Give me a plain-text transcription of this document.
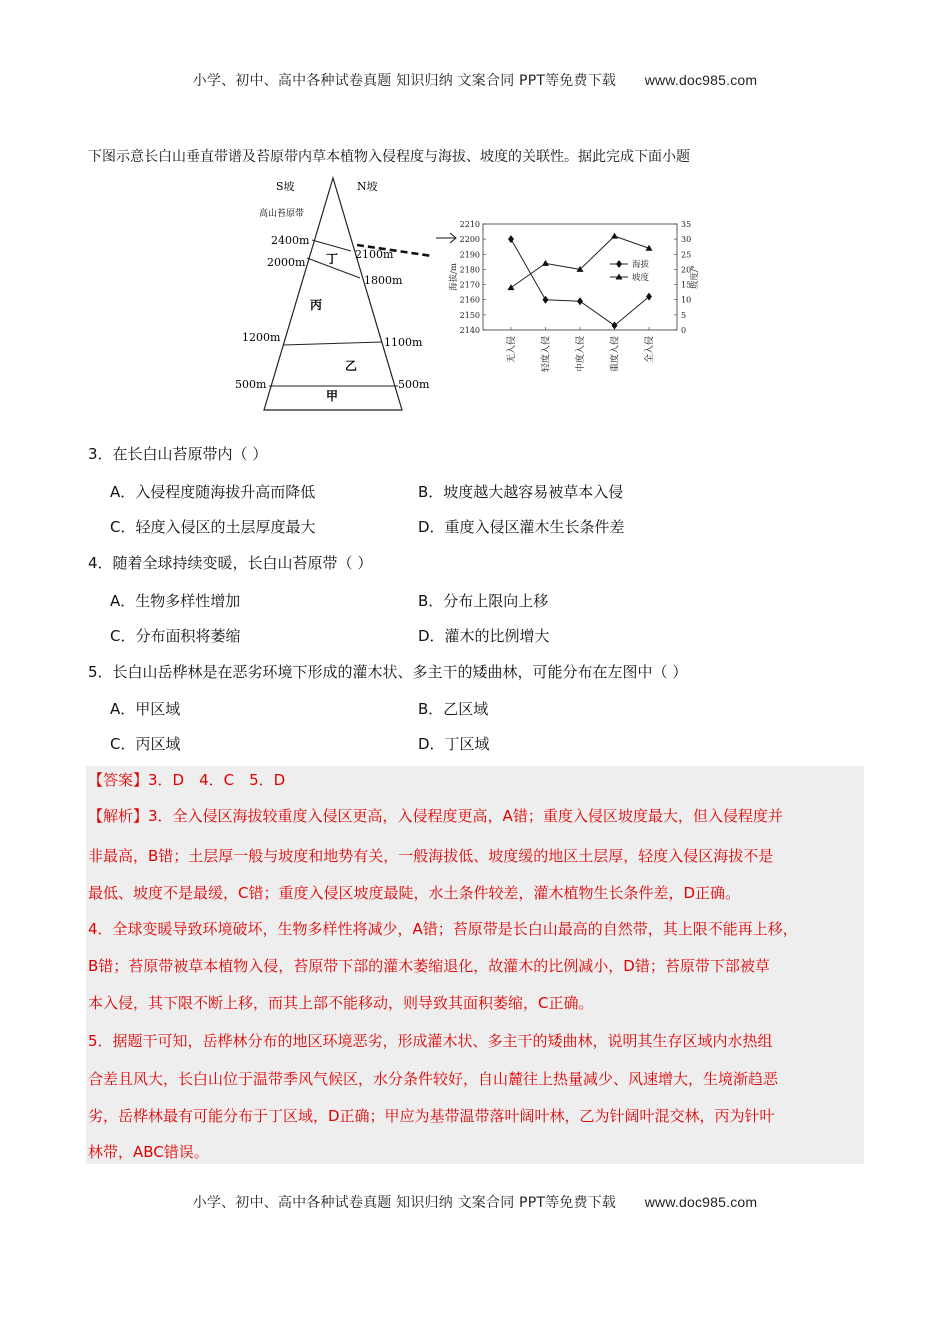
小学、初中、高中各种试卷真题 知识归纳 文案合同 PPT等免费下载 www.doc985.com
下图示意长白山垂直带谱及苔原带内草本植物入侵程度与海拔、坡度的关联性。据此完成下面小题
S坡	N坡
高山苔原带
2400m
2000m
1200m
500m
2100m
1800m
1100m
500m
丁
丙
乙
甲
2140
2150
2160
2170
2180
2190
2200
2210
0
5
10
15
20
25
30
35
无入侵	轻度入侵	中度入侵	重度入侵	全入侵
海拔/m	坡度/°
海拔
坡度
3．在长白山苔原带内（ ）
A．入侵程度随海拔升高而降低	B．坡度越大越容易被草本入侵
C．轻度入侵区的土层厚度最大	D．重度入侵区灌木生长条件差
4．随着全球持续变暖，长白山苔原带（ ）
A．生物多样性增加	B．分布上限向上移
C．分布面积将萎缩	D．灌木的比例增大
5．长白山岳桦林是在恶劣环境下形成的灌木状、多主干的矮曲林，可能分布在左图中（ ）
A．甲区域	B．乙区域
C．丙区域	D．丁区域
【答案】3．D　4．C　5．D
【解析】3．全入侵区海拔较重度入侵区更高，入侵程度更高，A错；重度入侵区坡度最大，但入侵程度并
非最高，B错；土层厚一般与坡度和地势有关，一般海拔低、坡度缓的地区土层厚，轻度入侵区海拔不是
最低、坡度不是最缓，C错；重度入侵区坡度最陡，水土条件较差，灌木植物生长条件差，D正确。
4．全球变暖导致环境破坏，生物多样性将减少，A错；苔原带是长白山最高的自然带，其上限不能再上移，
B错；苔原带被草本植物入侵，苔原带下部的灌木萎缩退化，故灌木的比例减小，D错；苔原带下部被草
本入侵，其下限不断上移，而其上部不能移动，则导致其面积萎缩，C正确。
5．据题干可知，岳桦林分布的地区环境恶劣，形成灌木状、多主干的矮曲林，说明其生存区域内水热组
合差且风大，长白山位于温带季风气候区，水分条件较好，自山麓往上热量减少、风速增大，生境渐趋恶
劣，岳桦林最有可能分布于丁区域，D正确；甲应为基带温带落叶阔叶林，乙为针阔叶混交林，丙为针叶
林带，ABC错误。
小学、初中、高中各种试卷真题 知识归纳 文案合同 PPT等免费下载 www.doc985.com
